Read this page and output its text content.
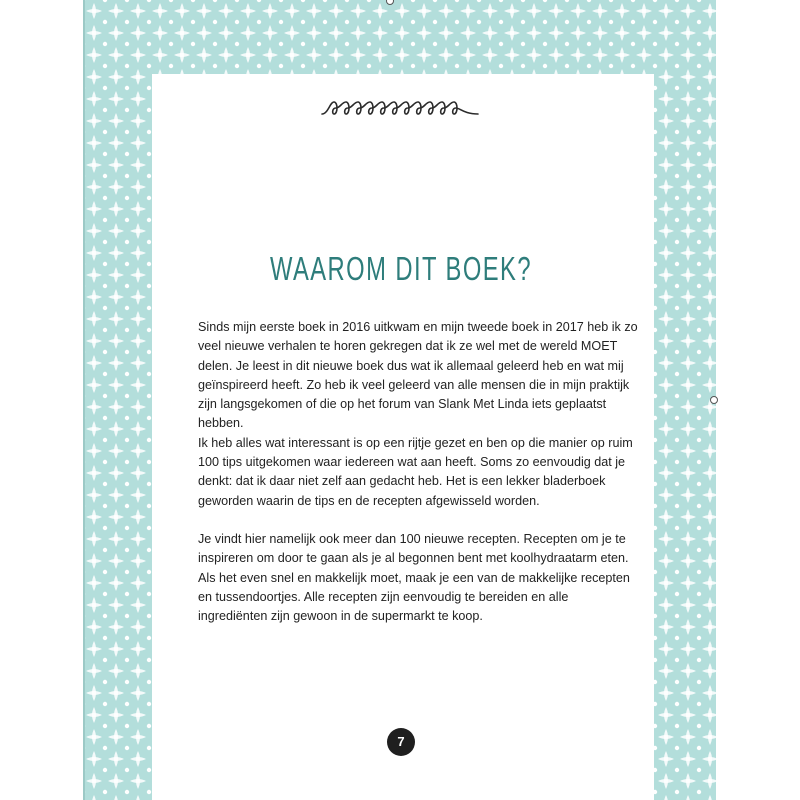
WAAROM DIT BOEK?

Sinds mijn eerste boek in 2016 uitkwam en mijn tweede boek in 2017 heb ik zo veel nieuwe verhalen te horen gekregen dat ik ze wel met de wereld MOET delen. Je leest in dit nieuwe boek dus wat ik allemaal geleerd heb en wat mij geïnspireerd heeft. Zo heb ik veel geleerd van alle mensen die in mijn praktijk zijn langsgekomen of die op het forum van Slank Met Linda iets geplaatst hebben.

Ik heb alles wat interessant is op een rijtje gezet en ben op die manier op ruim 100 tips uitgekomen waar iedereen wat aan heeft. Soms zo eenvoudig dat je denkt: dat ik daar niet zelf aan gedacht heb. Het is een lekker bladerboek geworden waarin de tips en de recepten afgewisseld worden.

Je vindt hier namelijk ook meer dan 100 nieuwe recepten. Recepten om je te inspireren om door te gaan als je al begonnen bent met koolhydraatarm eten.

Als het even snel en makkelijk moet, maak je een van de makkelijke recepten en tussendoortjes. Alle recepten zijn eenvoudig te bereiden en alle ingrediënten zijn gewoon in de supermarkt te koop.

7
